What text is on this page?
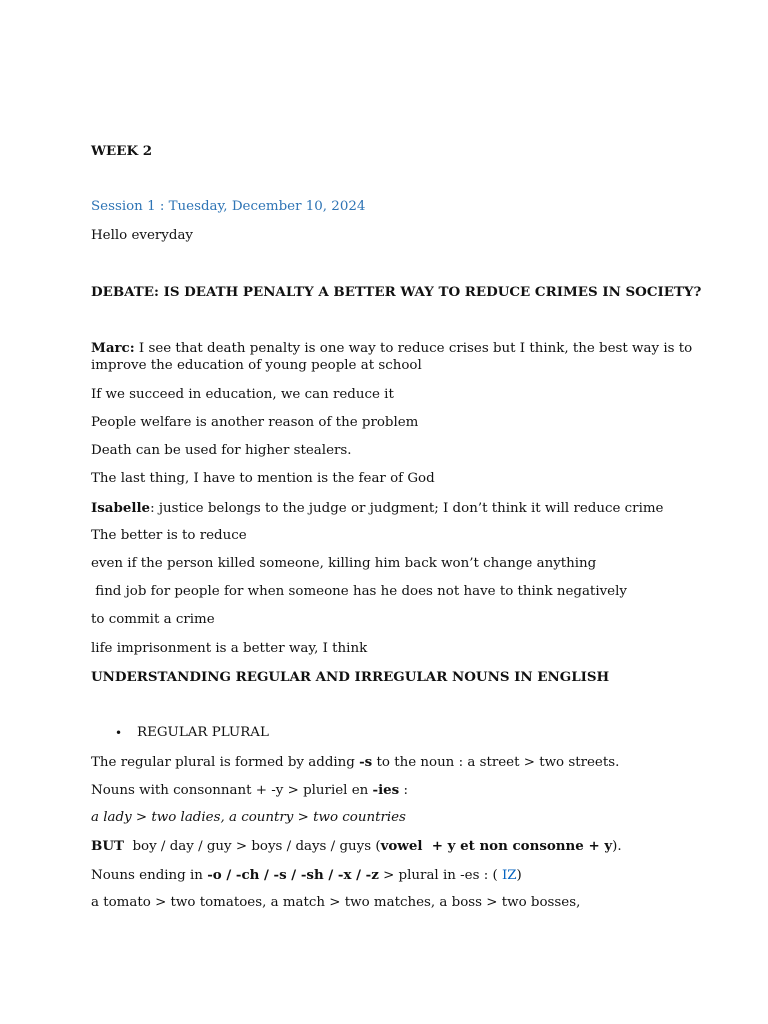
WEEK 2
Session 1 : Tuesday, December 10, 2024
Hello everyday
DEBATE: IS DEATH PENALTY A BETTER WAY TO REDUCE CRIMES IN SOCIETY?
Marc: I see that death penalty is one way to reduce crises but I think, the best way is to
improve the education of young people at school
If we succeed in education, we can reduce it
People welfare is another reason of the problem
Death can be used for higher stealers.
The last thing, I have to mention is the fear of God
Isabelle: justice belongs to the judge or judgment; I don’t think it will reduce crime
The better is to reduce
even if the person killed someone, killing him back won’t change anything
find job for people for when someone has he does not have to think negatively
to commit a crime
life imprisonment is a better way, I think
UNDERSTANDING REGULAR AND IRREGULAR NOUNS IN ENGLISH
• REGULAR PLURAL
The regular plural is formed by adding -s to the noun : a street > two streets.
Nouns with consonnant + -y > pluriel en -ies :
a lady > two ladies, a country > two countries
BUT  boy / day / guy > boys / days / guys (vowel  + y et non consonne + y).
Nouns ending in -o / -ch / -s / -sh / -x / -z > plural in -es : ( IZ)
a tomato > two tomatoes, a match > two matches, a boss > two bosses,
